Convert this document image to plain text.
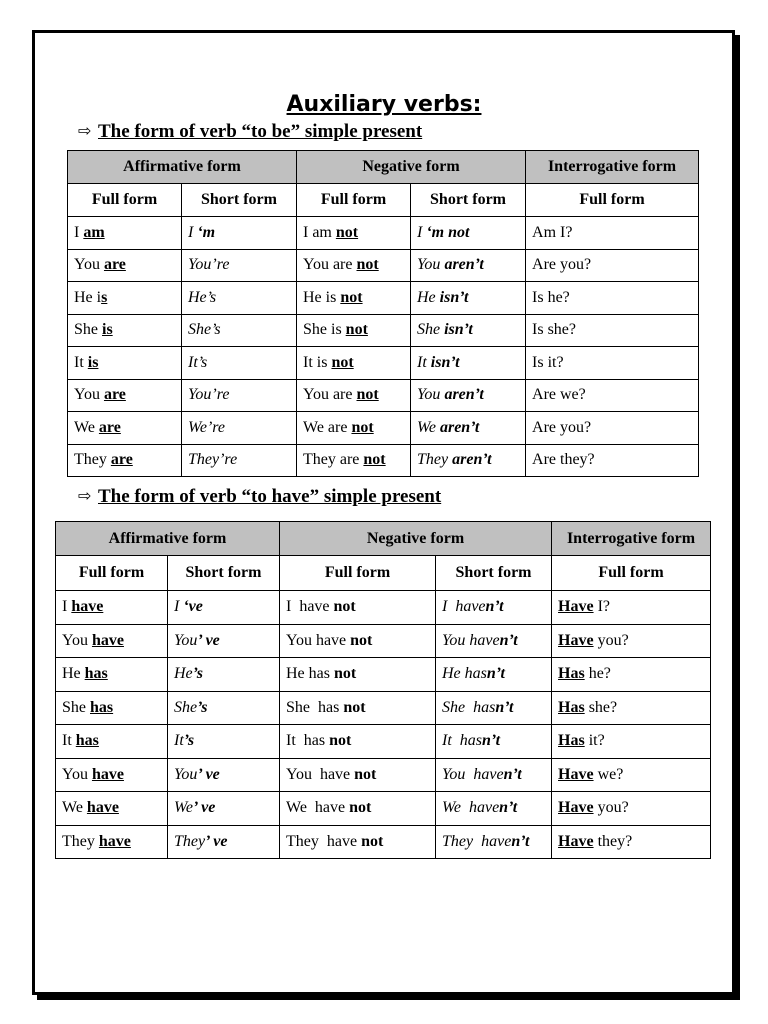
Auxiliary verbs:
⇨ The form of verb “to be” simple present
Affirmative form		Negative form		Interrogative form
Full form	Short form	Full form	Short form	Full form
I am	I ‘m	I am not	I ‘m not	Am I?
You are	You’re	You are not	You aren’t	Are you?
He is	He’s	He is not	He isn’t	Is he?
She is	She’s	She is not	She isn’t	Is she?
It is	It’s	It is not	It isn’t	Is it?
You are	You’re	You are not	You aren’t	Are we?
We are	We’re	We are not	We aren’t	Are you?
They are	They’re	They are not	They aren’t	Are they?
⇨ The form of verb “to have” simple present
Affirmative form		Negative form		Interrogative form
Full form	Short form	Full form	Short form	Full form
I have	I ‘ve	I  have not	I  haven’t	Have I?
You have	You’ ve	You have not	You haven’t	Have you?
He has	He’s	He has not	He hasn’t	Has he?
She has	She’s	She  has not	She  hasn’t	Has she?
It has	It’s	It  has not	It  hasn’t	Has it?
You have	You’ ve	You  have not	You  haven’t	Have we?
We have	We’ ve	We  have not	We  haven’t	Have you?
They have	They’ ve	They  have not	They  haven’t	Have they?
